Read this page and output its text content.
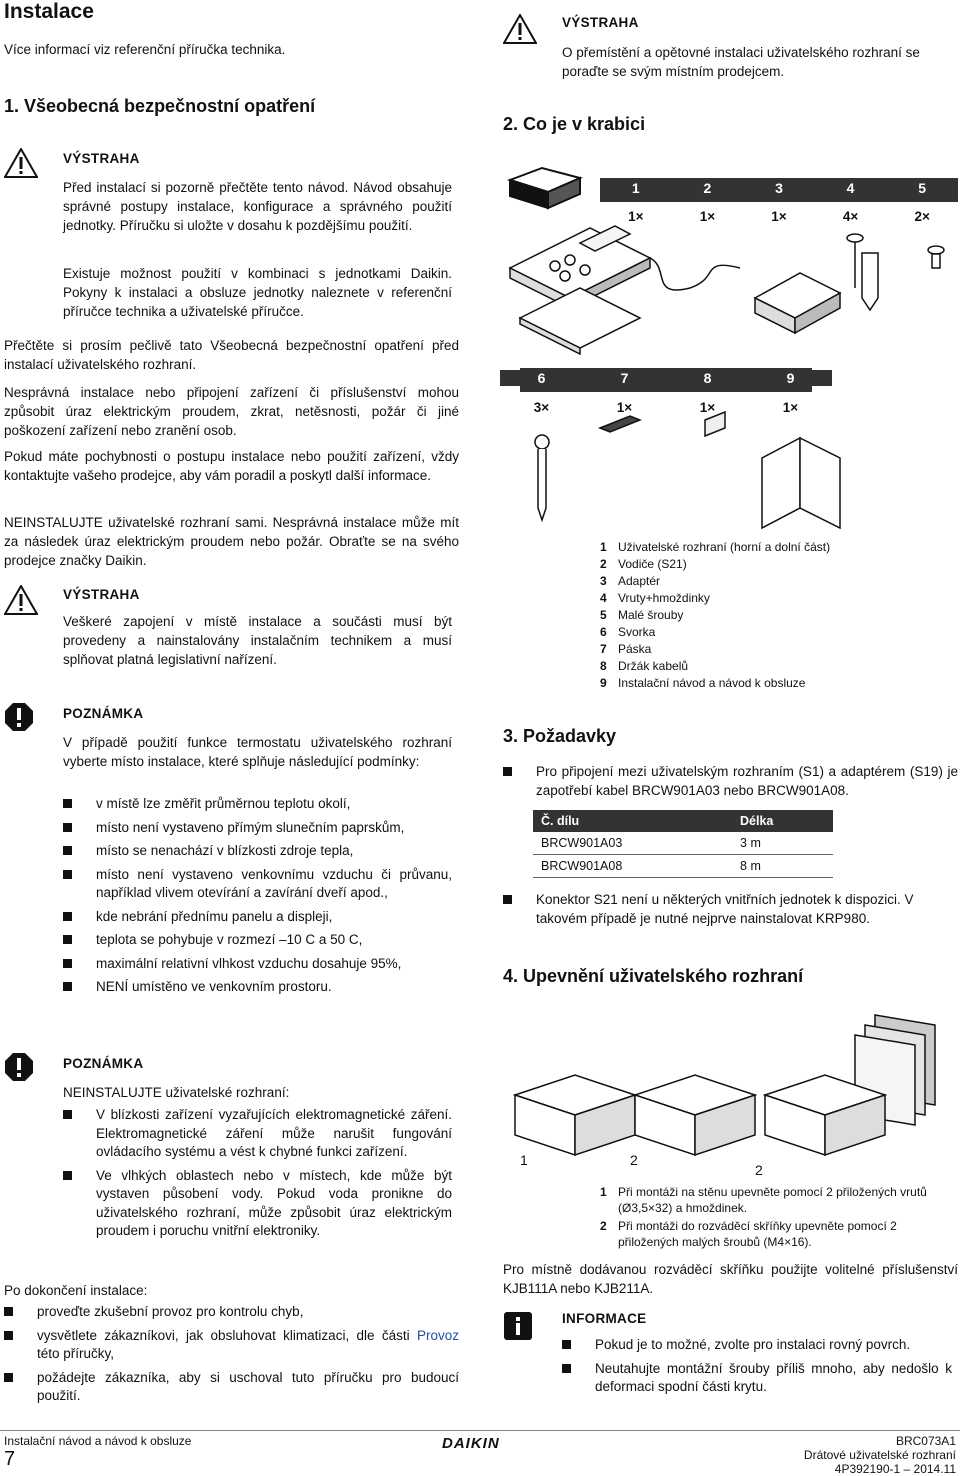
Instalace
Více informací viz referenční příručka technika.
1. Všeobecná bezpečnostní opatření
VÝSTRAHA

Před instalací si pozorně přečtěte tento návod. Návod obsahuje správné postupy instalace, konfigurace a správného použití jednotky. Příručku si uložte v dosahu k pozdějšímu použití.

Existuje možnost použití v kombinaci s jednotkami Daikin. Pokyny k instalaci a obsluze jednotky naleznete v referenční příručce technika a uživatelské příručce.

Přečtěte si prosím pečlivě tato Všeobecná bezpečnostní opatření před instalací uživatelského rozhraní.

Nesprávná instalace nebo připojení zařízení či příslušenství mohou způsobit úraz elektrickým proudem, zkrat, netěsnosti, požár či jiné poškození zařízení nebo zranění osob.

Pokud máte pochybnosti o postupu instalace nebo použití zařízení, vždy kontaktujte vašeho prodejce, aby vám poradil a poskytl další informace.

NEINSTALUJTE uživatelské rozhraní sami. Nesprávná instalace může mít za následek úraz elektrickým proudem nebo požár. Obraťte se na svého prodejce značky Daikin.

VÝSTRAHA

Veškeré zapojení v místě instalace a součásti musí být provedeny a nainstalovány instalačním technikem a musí splňovat platná legislativní nařízení.

POZNÁMKA

V případě použití funkce termostatu uživatelského rozhraní vyberte místo instalace, které splňuje následující podmínky:

v místě lze změřit průměrnou teplotu okolí,
místo není vystaveno přímým slunečním paprskům,
místo se nenachází v blízkosti zdroje tepla,
místo není vystaveno venkovnímu vzduchu či průvanu, například vlivem otevírání a zavírání dveří apod.,
kde nebrání přednímu panelu a displeji,
teplota se pohybuje v rozmezí –10 C a 50 C,
maximální relativní vlhkost vzduchu dosahuje 95%,
NENÍ umístěno ve venkovním prostoru.
POZNÁMKA

NEINSTALUJTE uživatelské rozhraní:

V blízkosti zařízení vyzařujících elektromagnetické záření. Elektromagnetické záření může narušit fungování ovládacího systému a vést k chybné funkci zařízení.
Ve vlhkých oblastech nebo v místech, kde může být vystaven působení vody. Pokud voda pronikne do uživatelského rozhraní, může způsobit úraz elektrickým proudem i poruchu vnitřní elektroniky.

Po dokončení instalace:

proveďte zkušební provoz pro kontrolu chyb,
vysvětlete zákazníkovi, jak obsluhovat klimatizaci, dle části Provoz této příručky,
požádejte zákazníka, aby si uschoval tuto příručku pro budoucí použití.
VÝSTRAHA

O přemístění a opětovné instalaci uživatelského rozhraní se poraďte se svým místním prodejcem.

2. Co je v krabici
1	2	3	4	5
1×	1×	1×	4×	2×
6	7	8	9
3×	1×	1×	1×
1 Uživatelské rozhraní (horní a dolní část)
2 Vodiče (S21)
3 Adaptér
4 Vruty+hmoždinky
5 Malé šrouby
6 Svorka
7 Páska
8 Držák kabelů
9 Instalační návod a návod k obsluze
3. Požadavky
Pro připojení mezi uživatelským rozhraním (S1) a adaptérem (S19) je zapotřebí kabel BRCW901A03 nebo BRCW901A08.
Č. dílu	Délka
BRCW901A03	3 m
BRCW901A08	8 m
Konektor S21 není u některých vnitřních jednotek k dispozici. V takovém případě je nutné nejprve nainstalovat KRP980.
4. Upevnění uživatelského rozhraní
1	2
2
1 Při montáži na stěnu upevněte pomocí 2 přiložených vrutů (Ø3,5×32) a hmoždinek.
2 Při montáži do rozváděcí skříňky upevněte pomocí 2 přiložených malých šroubů (M4×16).

Pro místně dodávanou rozváděcí skříňku použijte volitelné příslušenství KJB111A nebo KJB211A.

INFORMACE
Pokud je to možné, zvolte pro instalaci rovný povrch.
Neutahujte montážní šrouby příliš mnoho, aby nedošlo k deformaci spodní části krytu.
Instalační návod a návod k obsluze
7
DAIKIN	BRC073A1
Drátové uživatelské rozhraní
4P392190-1 – 2014.11
